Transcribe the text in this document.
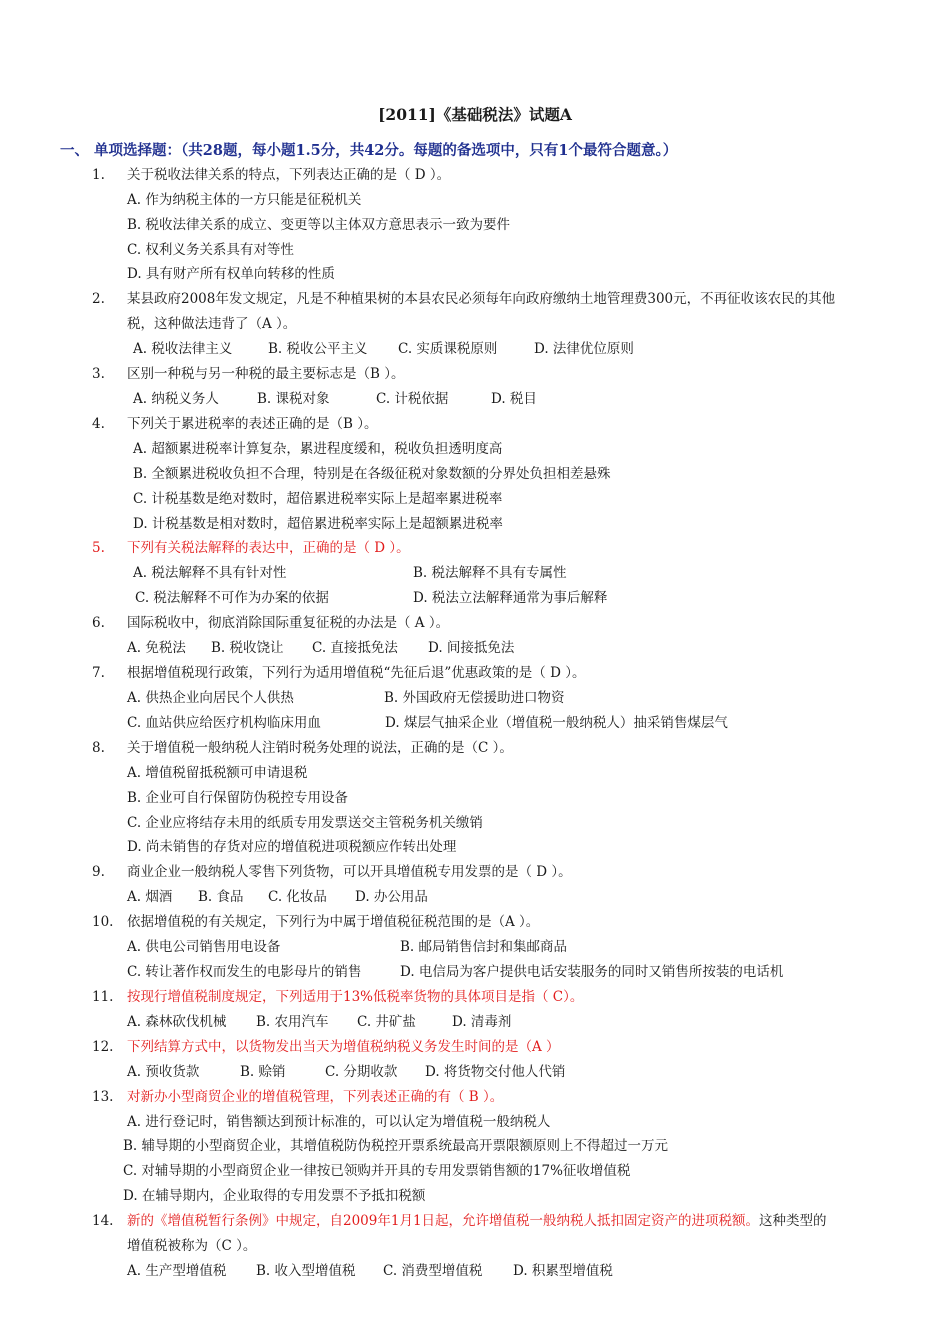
[2011]《基础税法》试题A
一、 单项选择题：（共28题，每小题1.5分，共42分。每题的备选项中，只有1个最符合题意。）
1. 关于税收法律关系的特点，下列表达正确的是（ D ）。
A. 作为纳税主体的一方只能是征税机关
B. 税收法律关系的成立、变更等以主体双方意思表示一致为要件
C. 权利义务关系具有对等性
D. 具有财产所有权单向转移的性质
2. 某县政府2008年发文规定，凡是不种植果树的本县农民必须每年向政府缴纳土地管理费300元，不再征收该农民的其他
税，这种做法违背了（A ）。
A. 税收法律主义	B. 税收公平主义 C. 实质课税原则	D. 法律优位原则
3. 区别一种税与另一种税的最主要标志是（B ）。
A. 纳税义务人	B. 课税对象	C. 计税依据	D. 税目
4. 下列关于累进税率的表述正确的是（B ）。
A. 超额累进税率计算复杂，累进程度缓和，税收负担透明度高
B. 全额累进税收负担不合理，特别是在各级征税对象数额的分界处负担相差悬殊
C. 计税基数是绝对数时，超倍累进税率实际上是超率累进税率
D. 计税基数是相对数时，超倍累进税率实际上是超额累进税率
5. 下列有关税法解释的表达中，正确的是（ D ）。
A. 税法解释不具有针对性	B. 税法解释不具有专属性
C. 税法解释不可作为办案的依据	D. 税法立法解释通常为事后解释
6. 国际税收中，彻底消除国际重复征税的办法是（ A ）。
A. 免税法 B. 税收饶让 C. 直接抵免法 D. 间接抵免法
7. 根据增值税现行政策，下列行为适用增值税“先征后退”优惠政策的是（ D ）。
A. 供热企业向居民个人供热	B. 外国政府无偿援助进口物资
C. 血站供应给医疗机构临床用血	D. 煤层气抽采企业（增值税一般纳税人）抽采销售煤层气
8. 关于增值税一般纳税人注销时税务处理的说法，正确的是（C ）。
A. 增值税留抵税额可申请退税
B. 企业可自行保留防伪税控专用设备
C. 企业应将结存未用的纸质专用发票送交主管税务机关缴销
D. 尚未销售的存货对应的增值税进项税额应作转出处理
9. 商业企业一般纳税人零售下列货物，可以开具增值税专用发票的是（ D ）。
A. 烟酒 B. 食品 C. 化妆品 D. 办公用品
10. 依据增值税的有关规定，下列行为中属于增值税征税范围的是（A ）。
A. 供电公司销售用电设备	B. 邮局销售信封和集邮商品
C. 转让著作权而发生的电影母片的销售	D. 电信局为客户提供电话安装服务的同时又销售所按装的电话机
11. 按现行增值税制度规定，下列适用于13%低税率货物的具体项目是指（ C）。
A. 森林砍伐机械 B. 农用汽车 C. 井矿盐	D. 清毒剂
12. 下列结算方式中，以货物发出当天为增值税纳税义务发生时间的是（A ）
A. 预收货款	B. 赊销	C. 分期收款 D. 将货物交付他人代销
13. 对新办小型商贸企业的增值税管理，下列表述正确的有（ B ）。
A. 进行登记时，销售额达到预计标准的，可以认定为增值税一般纳税人
B. 辅导期的小型商贸企业，其增值税防伪税控开票系统最高开票限额原则上不得超过一万元
C. 对辅导期的小型商贸企业一律按已领购并开具的专用发票销售额的17%征收增值税
D. 在辅导期内，企业取得的专用发票不予抵扣税额
14. 新的《增值税暂行条例》中规定，自2009年1月1日起，允许增值税一般纳税人抵扣固定资产的进项税额。这种类型的
增值税被称为（C ）。
A. 生产型增值税 B. 收入型增值税 C. 消费型增值税 D. 积累型增值税
